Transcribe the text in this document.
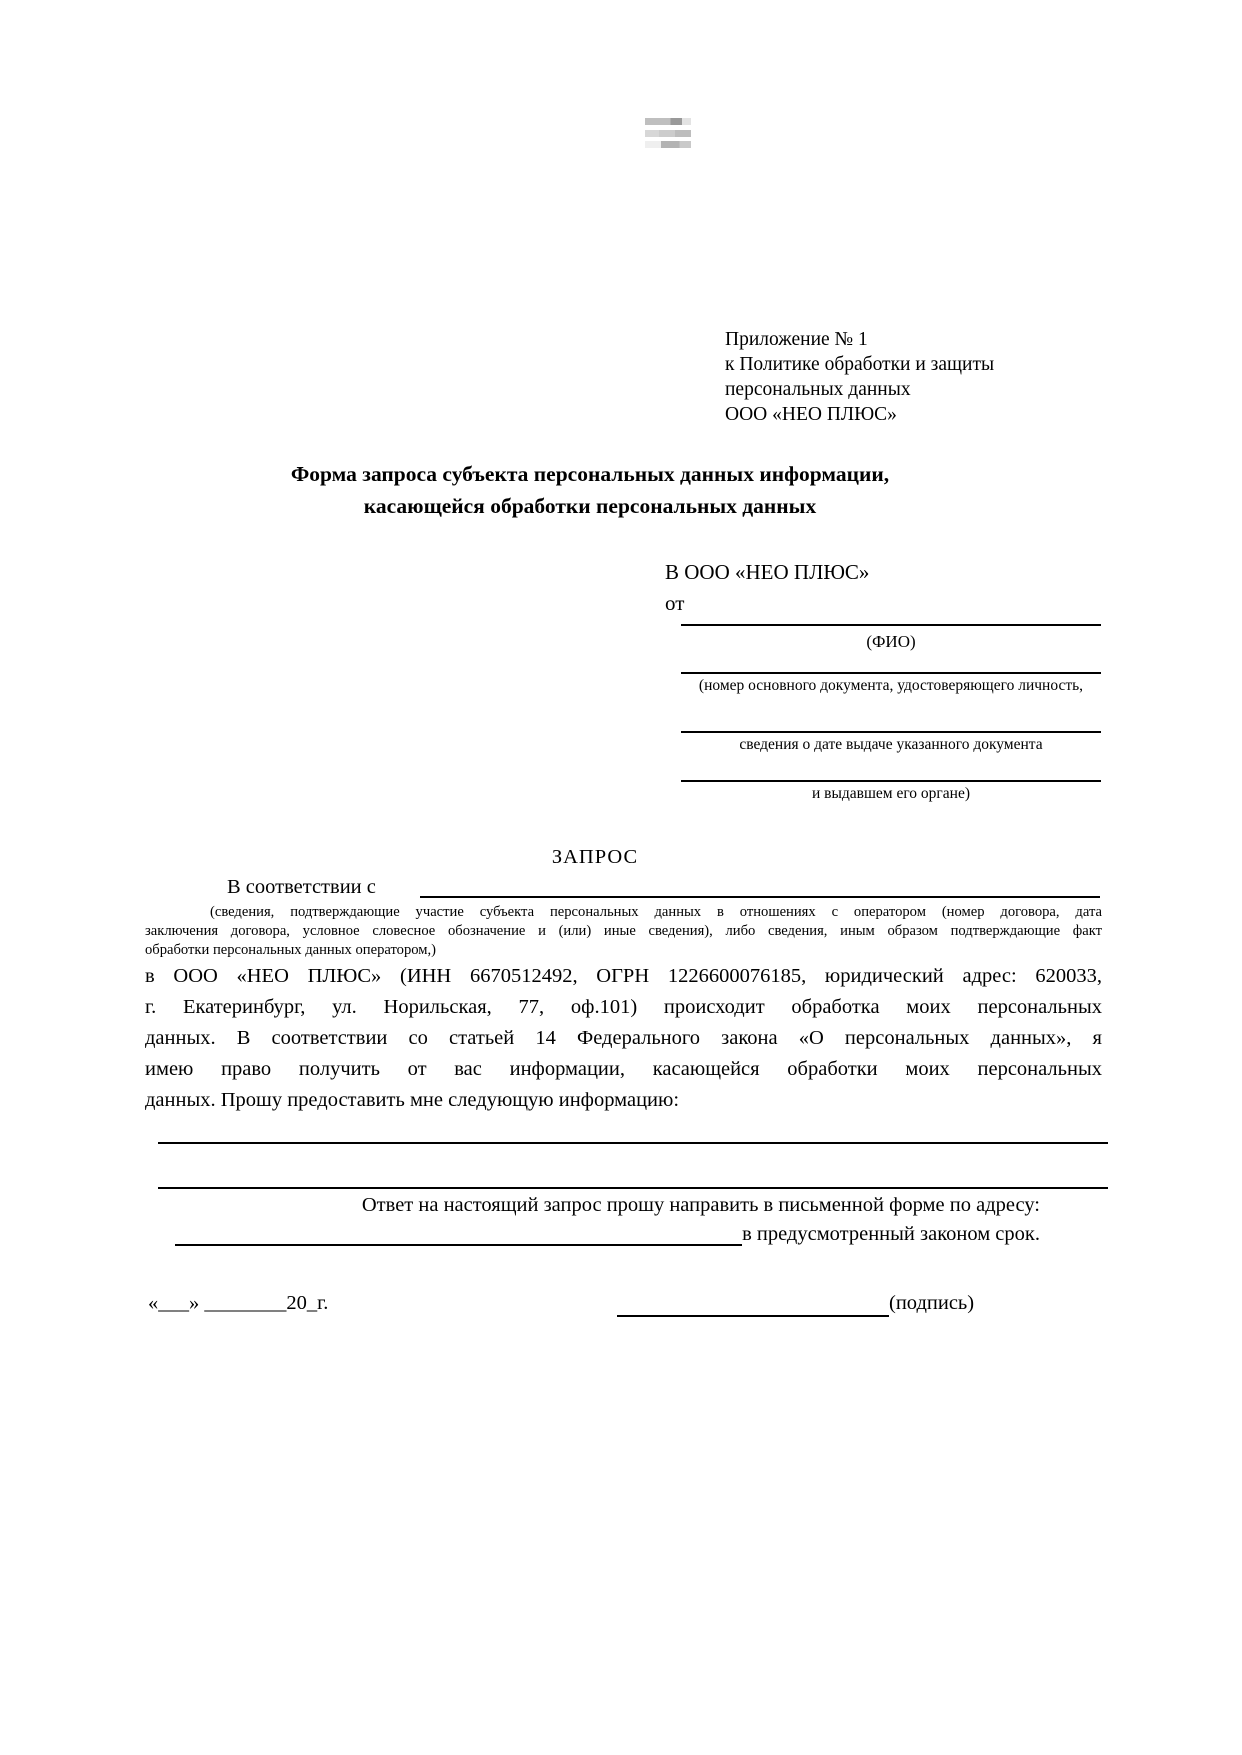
Приложение № 1
к Политике обработки и защиты
персональных данных
ООО «НЕО ПЛЮС»
Форма запроса субъекта персональных данных информации,
касающейся обработки персональных данных
В ООО «НЕО ПЛЮС»
от
(ФИО)
(номер основного документа, удостоверяющего личность,
сведения о дате выдаче указанного документа
и выдавшем его органе)
ЗАПРОС
В соответствии с
(сведения, подтверждающие участие субъекта персональных данных в отношениях с оператором (номер договора, дата
заключения договора, условное словесное обозначение и (или) иные сведения), либо сведения, иным образом подтверждающие факт
обработки персональных данных оператором,)
в ООО «НЕО ПЛЮС» (ИНН 6670512492, ОГРН 1226600076185, юридический адрес: 620033,
г. Екатеринбург, ул. Норильская, 77, оф.101) происходит обработка моих персональных
данных. В соответствии со статьей 14 Федерального закона «О персональных данных», я
имею право получить от вас информации, касающейся обработки моих персональных
данных. Прошу предоставить мне следующую информацию:
Ответ на настоящий запрос прошу направить в письменной форме по адресу:
в предусмотренный законом срок.
«___» ________20_г.	(подпись)
